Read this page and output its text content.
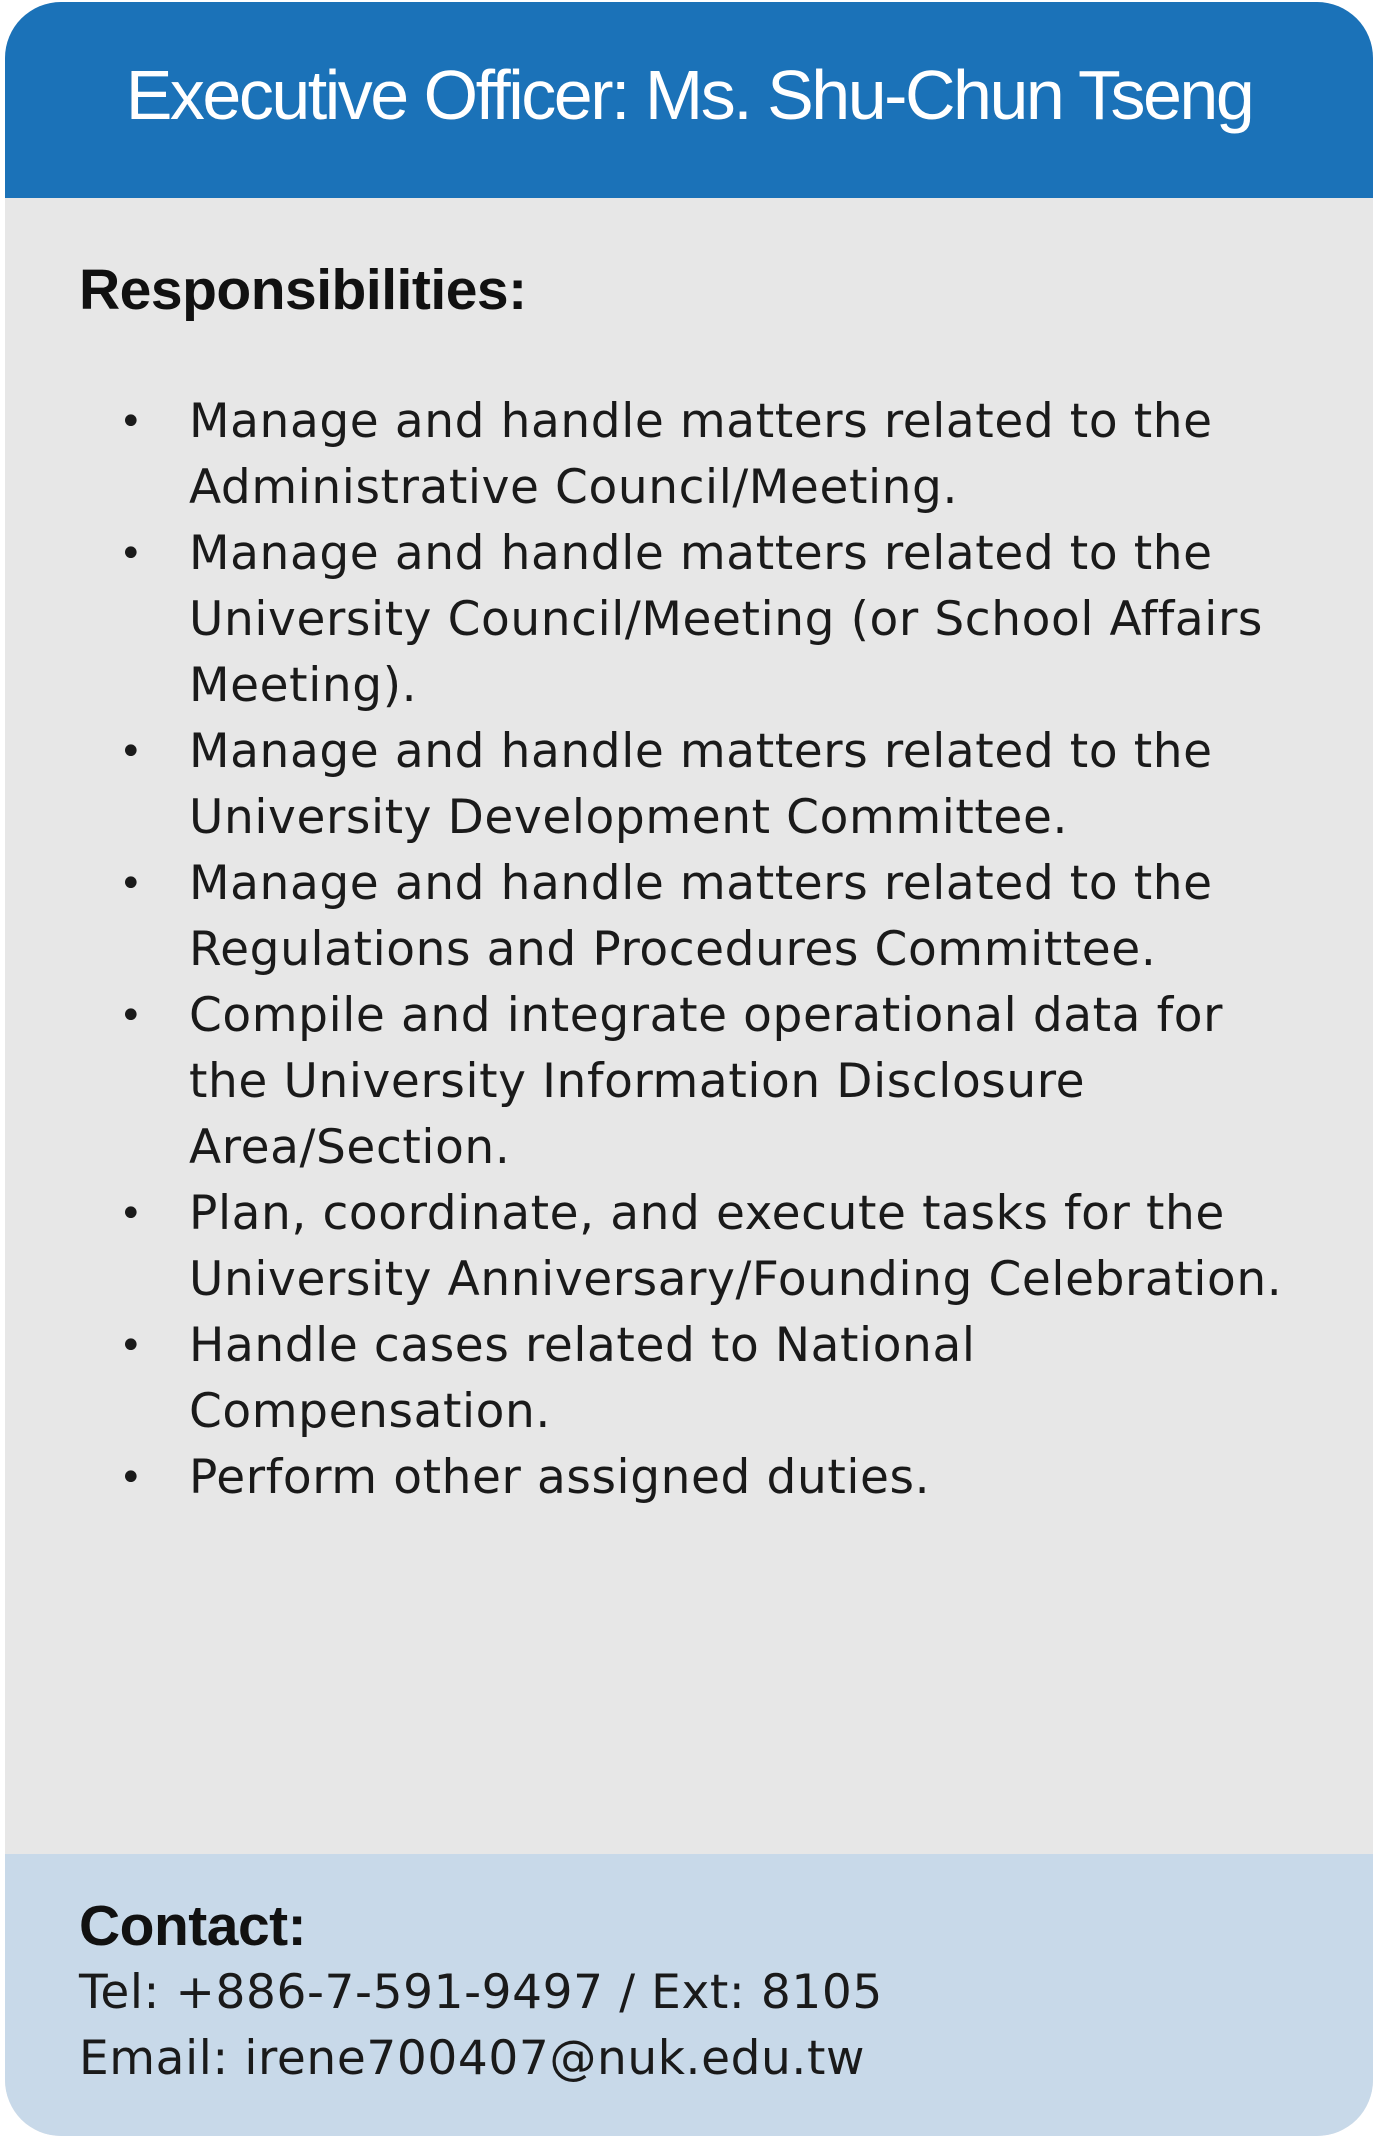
Executive Officer: Ms. Shu-Chun Tseng
Responsibilities:
• Manage and handle matters related to the Administrative Council/Meeting.
• Manage and handle matters related to the University Council/Meeting (or School Affairs Meeting).
• Manage and handle matters related to the University Development Committee.
• Manage and handle matters related to the Regulations and Procedures Committee.
• Compile and integrate operational data for the University Information Disclosure Area/Section.
• Plan, coordinate, and execute tasks for the University Anniversary/Founding Celebration.
• Handle cases related to National Compensation.
• Perform other assigned duties.
Contact:
Tel: +886-7-591-9497 / Ext: 8105
Email: irene700407@nuk.edu.tw
